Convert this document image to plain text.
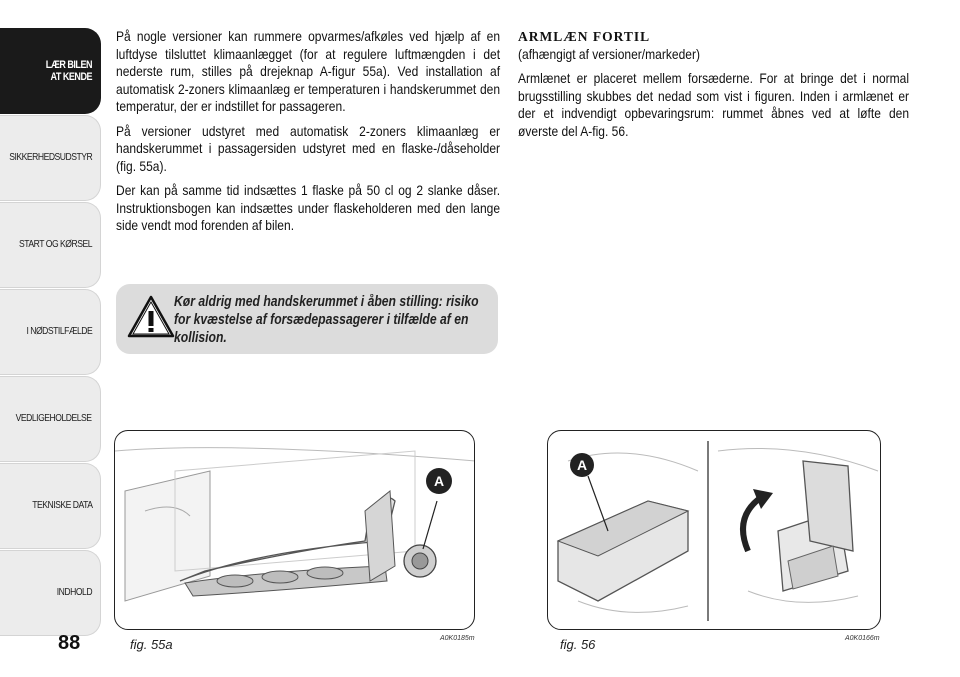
LÆR BILEN
AT KENDE
SIKKERHEDSUDSTYR
START OG KØRSEL
I NØDSTILFÆLDE
VEDLIGEHOLDELSE
TEKNISKE DATA
INDHOLD
88

På nogle versioner kan rummere opvarmes/afkøles ved hjælp af en luftdyse tilsluttet klimaanlægget (for at regulere luftmængden i det nederste rum, stilles på drejeknap A-figur 55a). Ved installation af automatisk 2-zoners klimaanlæg er temperaturen i handskerummet den temperatur, der er indstillet for passageren.

På versioner udstyret med automatisk 2-zoners klimaanlæg er handskerummet i passagersiden udstyret med en flaske-/dåseholder (fig. 55a).

Der kan på samme tid indsættes 1 flaske på 50 cl og 2 slanke dåser. Instruktionsbogen kan indsættes under flaskeholderen med den lange side vendt mod forenden af bilen.

Kør aldrig med handskerummet i åben stilling: risiko for kvæstelse af forsædepassagerer i tilfælde af en kollision.
ARMLÆN FORTIL
(afhængigt af versioner/markeder)

Armlænet er placeret mellem forsæderne. For at bringe det i normal brugsstilling skubbes det nedad som vist i figuren. Inden i armlænet er der et indvendigt opbevaringsrum: rummet åbnes ved at løfte den øverste del A-fig. 56.

A
fig. 55a	A0K0185m
A
fig. 56	A0K0166m
